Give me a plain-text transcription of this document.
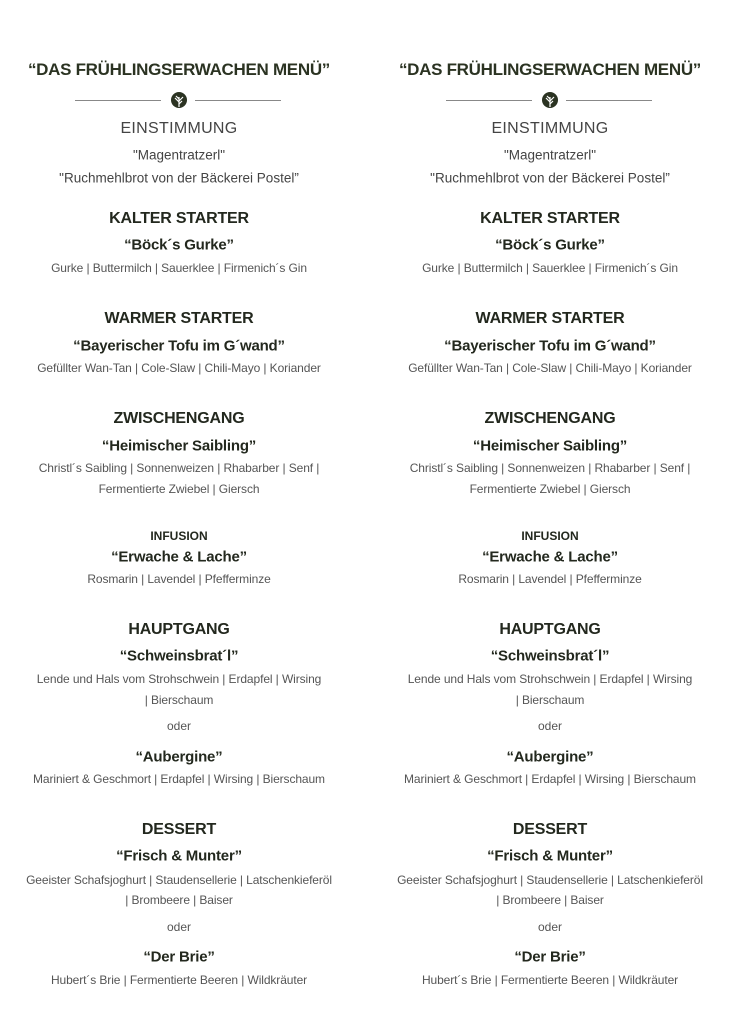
“DAS FRÜHLINGSERWACHEN MENÜ”
EINSTIMMUNG
"Magentratzerl"
"Ruchmehlbrot von der Bäckerei Postel”
KALTER STARTER
“Böck´s Gurke”
Gurke | Buttermilch | Sauerklee | Firmenich´s Gin
WARMER STARTER
“Bayerischer Tofu im G´wand”
Gefüllter Wan-Tan | Cole-Slaw | Chili-Mayo | Koriander
ZWISCHENGANG
“Heimischer Saibling”
Christl´s Saibling | Sonnenweizen | Rhabarber | Senf |
Fermentierte Zwiebel | Giersch
INFUSION
“Erwache & Lache”
Rosmarin | Lavendel | Pfefferminze
HAUPTGANG
“Schweinsbrat´l”
Lende und Hals vom Strohschwein | Erdapfel | Wirsing
| Bierschaum
oder
“Aubergine”
Mariniert & Geschmort | Erdapfel | Wirsing | Bierschaum
DESSERT
“Frisch & Munter”
Geeister Schafsjoghurt | Staudensellerie | Latschenkieferöl
| Brombeere | Baiser
oder
“Der Brie”
Hubert´s Brie | Fermentierte Beeren | Wildkräuter
“DAS FRÜHLINGSERWACHEN MENÜ”
EINSTIMMUNG
"Magentratzerl"
"Ruchmehlbrot von der Bäckerei Postel”
KALTER STARTER
“Böck´s Gurke”
Gurke | Buttermilch | Sauerklee | Firmenich´s Gin
WARMER STARTER
“Bayerischer Tofu im G´wand”
Gefüllter Wan-Tan | Cole-Slaw | Chili-Mayo | Koriander
ZWISCHENGANG
“Heimischer Saibling”
Christl´s Saibling | Sonnenweizen | Rhabarber | Senf |
Fermentierte Zwiebel | Giersch
INFUSION
“Erwache & Lache”
Rosmarin | Lavendel | Pfefferminze
HAUPTGANG
“Schweinsbrat´l”
Lende und Hals vom Strohschwein | Erdapfel | Wirsing
| Bierschaum
oder
“Aubergine”
Mariniert & Geschmort | Erdapfel | Wirsing | Bierschaum
DESSERT
“Frisch & Munter”
Geeister Schafsjoghurt | Staudensellerie | Latschenkieferöl
| Brombeere | Baiser
oder
“Der Brie”
Hubert´s Brie | Fermentierte Beeren | Wildkräuter
